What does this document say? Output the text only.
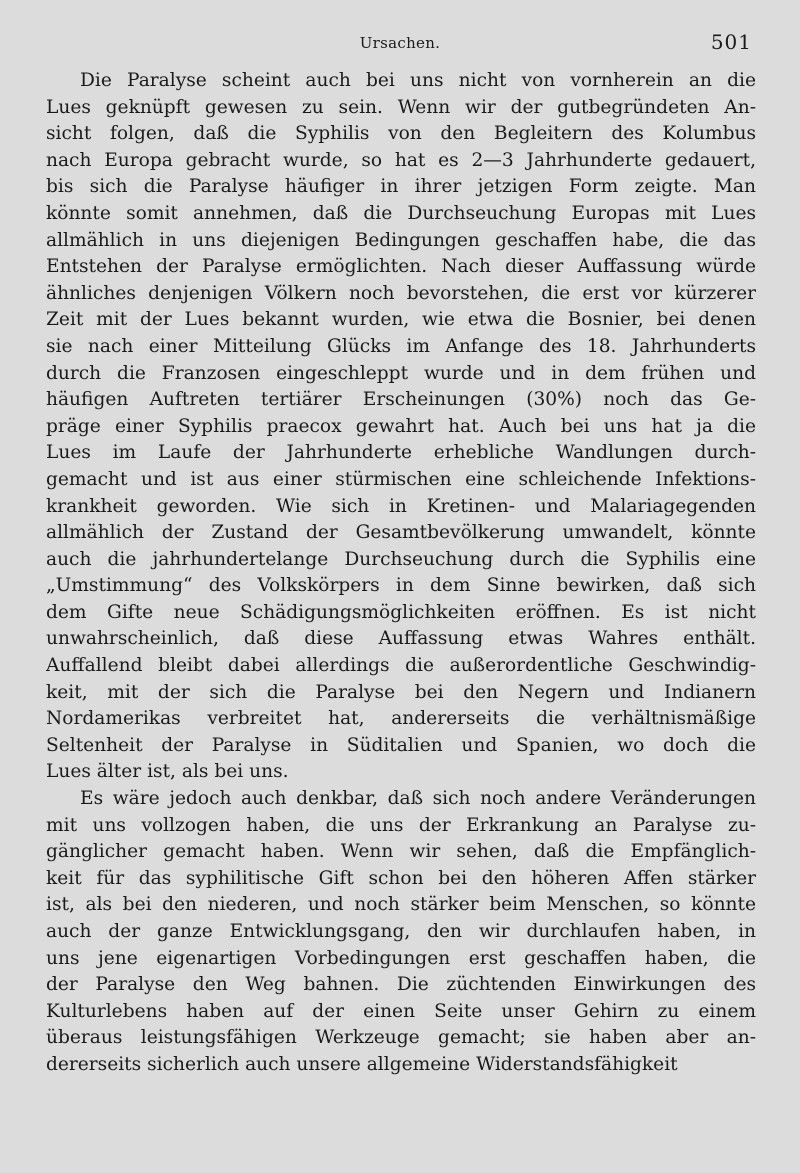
Ursachen.	501
Die Paralyse scheint auch bei uns nicht von vornherein an die
Lues geknüpft gewesen zu sein. Wenn wir der gutbegründeten An-
sicht folgen, daß die Syphilis von den Begleitern des Kolumbus
nach Europa gebracht wurde, so hat es 2—3 Jahrhunderte gedauert,
bis sich die Paralyse häufiger in ihrer jetzigen Form zeigte. Man
könnte somit annehmen, daß die Durchseuchung Europas mit Lues
allmählich in uns diejenigen Bedingungen geschaffen habe, die das
Entstehen der Paralyse ermöglichten. Nach dieser Auffassung würde
ähnliches denjenigen Völkern noch bevorstehen, die erst vor kürzerer
Zeit mit der Lues bekannt wurden, wie etwa die Bosnier, bei denen
sie nach einer Mitteilung Glücks im Anfange des 18. Jahrhunderts
durch die Franzosen eingeschleppt wurde und in dem frühen und
häufigen Auftreten tertiärer Erscheinungen (30%) noch das Ge-
präge einer Syphilis praecox gewahrt hat. Auch bei uns hat ja die
Lues im Laufe der Jahrhunderte erhebliche Wandlungen durch-
gemacht und ist aus einer stürmischen eine schleichende Infektions-
krankheit geworden. Wie sich in Kretinen- und Malariagegenden
allmählich der Zustand der Gesamtbevölkerung umwandelt, könnte
auch die jahrhundertelange Durchseuchung durch die Syphilis eine
„Umstimmung“ des Volkskörpers in dem Sinne bewirken, daß sich
dem Gifte neue Schädigungsmöglichkeiten eröffnen. Es ist nicht
unwahrscheinlich, daß diese Auffassung etwas Wahres enthält.
Auffallend bleibt dabei allerdings die außerordentliche Geschwindig-
keit, mit der sich die Paralyse bei den Negern und Indianern
Nordamerikas verbreitet hat, andererseits die verhältnismäßige
Seltenheit der Paralyse in Süditalien und Spanien, wo doch die
Lues älter ist, als bei uns.
Es wäre jedoch auch denkbar, daß sich noch andere Veränderungen
mit uns vollzogen haben, die uns der Erkrankung an Paralyse zu-
gänglicher gemacht haben. Wenn wir sehen, daß die Empfänglich-
keit für das syphilitische Gift schon bei den höheren Affen stärker
ist, als bei den niederen, und noch stärker beim Menschen, so könnte
auch der ganze Entwicklungsgang, den wir durchlaufen haben, in
uns jene eigenartigen Vorbedingungen erst geschaffen haben, die
der Paralyse den Weg bahnen. Die züchtenden Einwirkungen des
Kulturlebens haben auf der einen Seite unser Gehirn zu einem
überaus leistungsfähigen Werkzeuge gemacht; sie haben aber an-
dererseits sicherlich auch unsere allgemeine Widerstandsfähigkeit
